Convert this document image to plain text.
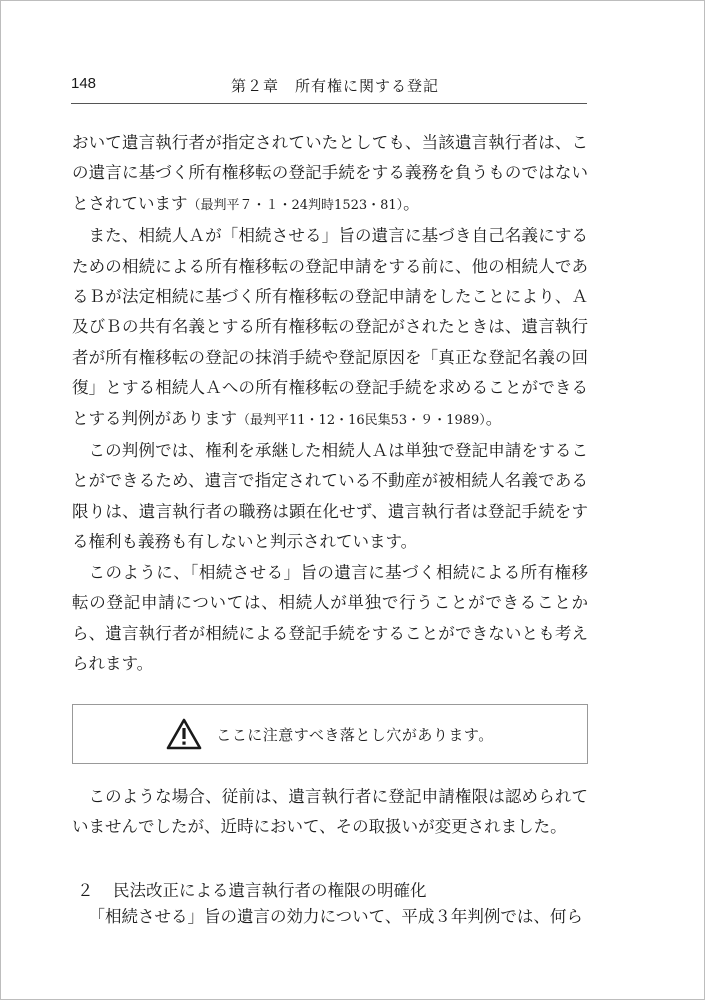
148	第２章　所有権に関する登記

おいて遺言執行者が指定されていたとしても、当該遺言執行者は、この遺言に基づく所有権移転の登記手続をする義務を負うものではないとされています（最判平７・１・24判時1523・81）。

また、相続人Ａが「相続させる」旨の遺言に基づき自己名義にするための相続による所有権移転の登記申請をする前に、他の相続人であるＢが法定相続に基づく所有権移転の登記申請をしたことにより、Ａ及びＢの共有名義とする所有権移転の登記がされたときは、遺言執行者が所有権移転の登記の抹消手続や登記原因を「真正な登記名義の回復」とする相続人Ａへの所有権移転の登記手続を求めることができるとする判例があります（最判平11・12・16民集53・９・1989）。

この判例では、権利を承継した相続人Ａは単独で登記申請をすることができるため、遺言で指定されている不動産が被相続人名義である限りは、遺言執行者の職務は顕在化せず、遺言執行者は登記手続をする権利も義務も有しないと判示されています。

このように、「相続させる」旨の遺言に基づく相続による所有権移転の登記申請については、相続人が単独で行うことができることから、遺言執行者が相続による登記手続をすることができないとも考えられます。

ここに注意すべき落とし穴があります。

このような場合、従前は、遺言執行者に登記申請権限は認められていませんでしたが、近時において、その取扱いが変更されました。

２ 民法改正による遺言執行者の権限の明確化

「相続させる」旨の遺言の効力について、平成３年判例では、何ら
